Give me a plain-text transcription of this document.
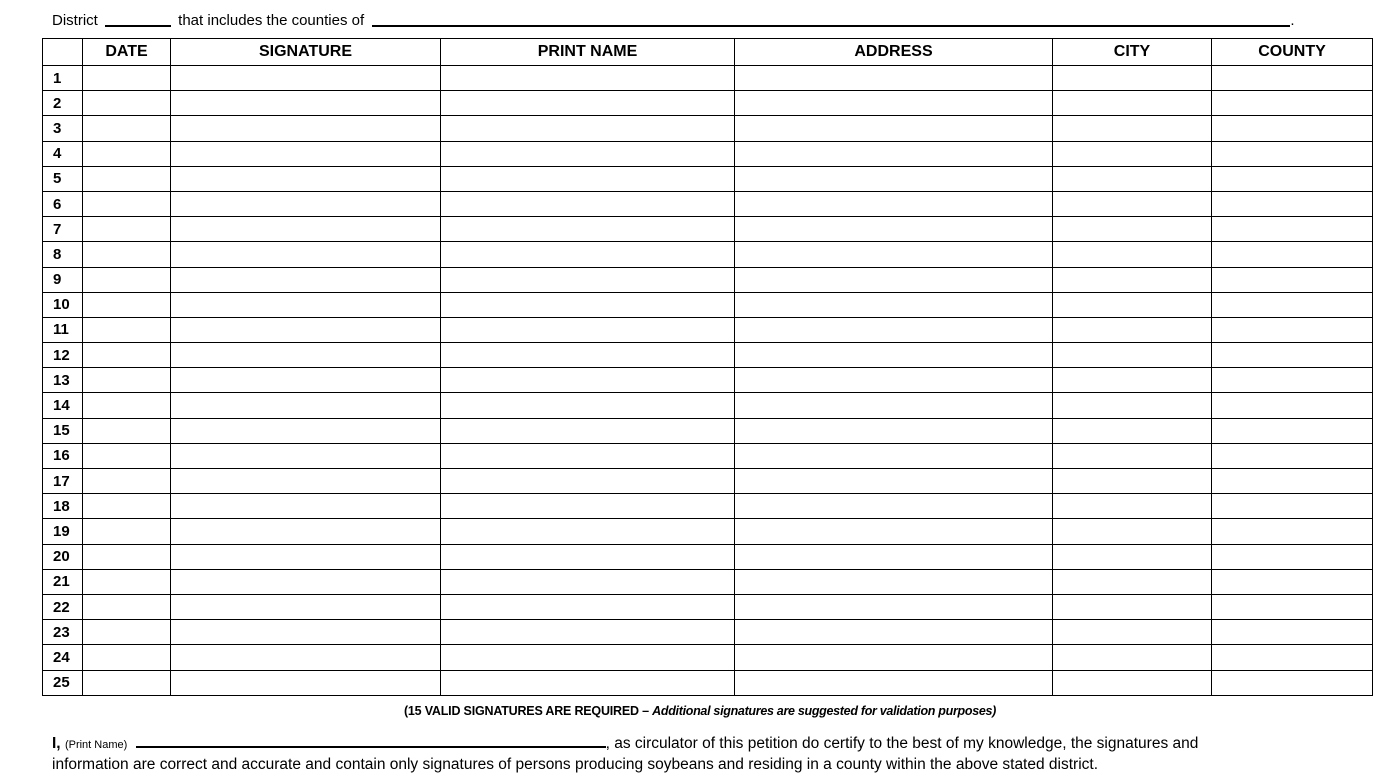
District	that includes the counties of	.
	DATE	SIGNATURE	PRINT NAME	ADDRESS	CITY	COUNTY
1						
2						
3						
4						
5						
6						
7						
8						
9						
10						
11						
12						
13						
14						
15						
16						
17						
18						
19						
20						
21						
22						
23						
24						
25						
(15 VALID SIGNATURES ARE REQUIRED – Additional signatures are suggested for validation purposes)
I, (Print Name)	, as circulator of this petition do certify to the best of my knowledge, the signatures and
information are correct and accurate and contain only signatures of persons producing soybeans and residing in a county within the above stated district.
